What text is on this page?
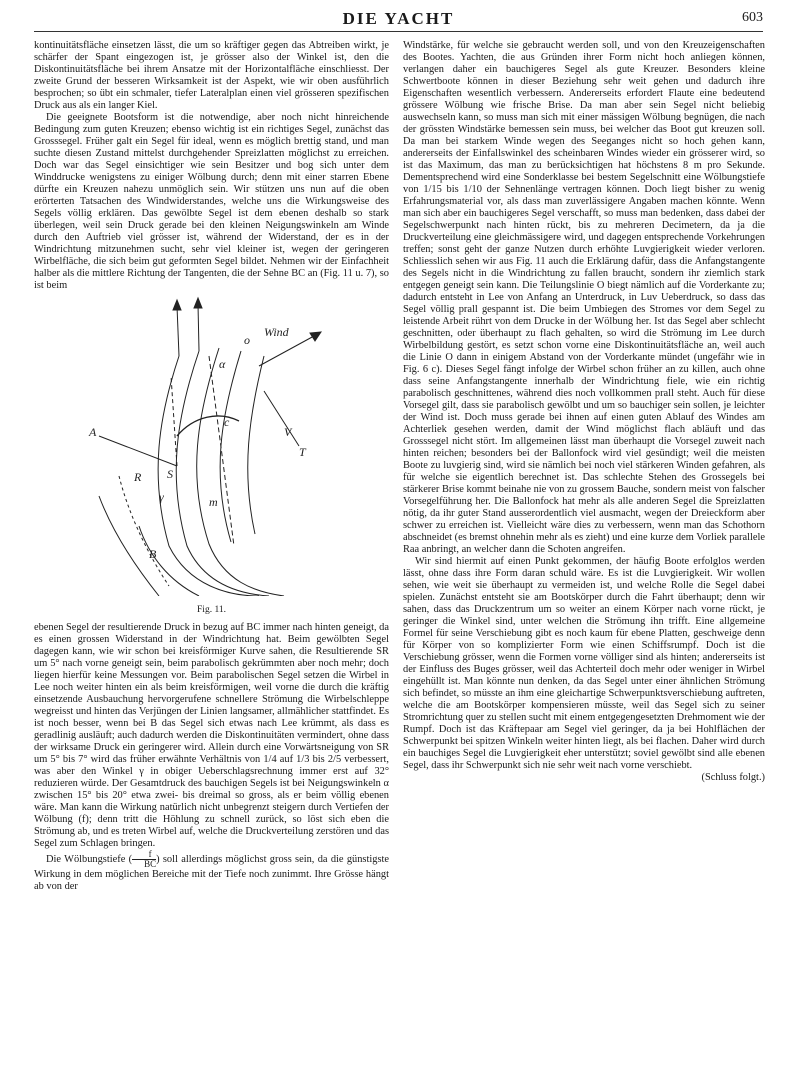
DIE YACHT	603

kontinuitätsfläche einsetzen lässt, die um so kräftiger gegen das Abtreiben wirkt, je schärfer der Spant eingezogen ist, je grösser also der Winkel ist, den die Diskontinuitätsfläche bei ihrem Ansatze mit der Horizontalfläche einschliesst. Der zweite Grund der besseren Wirksamkeit ist der Aspekt, wie wir oben ausführlich besprochen; so übt ein schmaler, tiefer Lateralplan einen viel grösseren spezifischen Druck aus als ein langer Kiel.

Die geeignete Bootsform ist die notwendige, aber noch nicht hinreichende Bedingung zum guten Kreuzen; ebenso wichtig ist ein richtiges Segel, zunächst das Grosssegel. Früher galt ein Segel für ideal, wenn es möglich brettig stand, und man suchte diesen Zustand mittelst durchgehender Spreizlatten möglichst zu erreichen. Doch war das Segel einsichtiger wie sein Besitzer und bog sich unter dem Winddrucke wenigstens zu einiger Wölbung durch; denn mit einer starren Ebene dürfte ein Kreuzen nahezu unmöglich sein. Wir stützen uns nun auf die oben erörterten Tatsachen des Windwiderstandes, welche uns die Wirkungsweise des Segels völlig erklären. Das gewölbte Segel ist dem ebenen deshalb so stark überlegen, weil sein Druck gerade bei den kleinen Neigungswinkeln am Winde durch den Auftrieb viel grösser ist, während der Widerstand, der es in der Windrichtung mitzunehmen sucht, sehr viel kleiner ist, wegen der geringeren Wirbelfläche, die sich beim gut geformten Segel bildet. Nehmen wir der Einfachheit halber als die mittlere Richtung der Tangenten, die der Sehne BC an (Fig. 11 u. 7), so ist beim

A
α
o
Wind
c
V
T
S
R
γ	m
B
Fig. 11.

ebenen Segel der resultierende Druck in bezug auf BC immer nach hinten geneigt, da es einen grossen Widerstand in der Windrichtung hat. Beim gewölbten Segel dagegen kann, wie wir schon bei kreisförmiger Kurve sahen, die Resultierende SR um 5° nach vorne geneigt sein, beim parabolisch gekrümmten aber noch mehr; doch liegen hierfür keine Messungen vor. Beim parabolischen Segel setzen die Wirbel in Lee noch weiter hinten ein als beim kreisförmigen, weil vorne die durch die kräftig einsetzende Ausbauchung hervorgerufene schnellere Strömung die Wirbelschleppe wegreisst und hinten das Verjüngen der Linien langsamer, allmählicher stattfindet. Es ist noch besser, wenn bei B das Segel sich etwas nach Lee krümmt, als dass es geradlinig ausläuft; auch dadurch werden die Diskontinuitäten vermindert, ohne dass der wirksame Druck ein geringerer wird. Allein durch eine Vorwärtsneigung von SR um 5° bis 7° wird das früher erwähnte Verhältnis von 1/4 auf 1/3 bis 2/5 verbessert, was aber den Winkel γ in obiger Ueberschlagsrechnung immer erst auf 32° reduzieren würde. Der Gesamtdruck des bauchigen Segels ist bei Neigungswinkeln α zwischen 15° bis 20° etwa zwei- bis dreimal so gross, als er beim völlig ebenen wäre. Man kann die Wirkung natürlich nicht unbegrenzt steigern durch Vertiefen der Wölbung (f); denn tritt die Höhlung zu schnell zurück, so löst sich eben die Strömung ab, und es treten Wirbel auf, welche die Druckverteilung zerstören und das Segel zum Schlagen bringen.

Die Wölbungstiefe ( $\frac{f}{BC}$ ) soll allerdings möglichst gross sein, da die günstigste Wirkung in dem möglichen Bereiche mit der Tiefe noch zunimmt. Ihre Grösse hängt ab von der

Windstärke, für welche sie gebraucht werden soll, und von den Kreuzeigenschaften des Bootes. Yachten, die aus Gründen ihrer Form nicht hoch anliegen können, verlangen daher ein bauchigeres Segel als gute Kreuzer. Besonders kleine Schwertboote können in dieser Beziehung sehr weit gehen und dadurch ihre Eigenschaften wesentlich verbessern. Andererseits erfordert Flaute eine bedeutend grössere Wölbung wie frische Brise. Da man aber sein Segel nicht beliebig auswechseln kann, so muss man sich mit einer mässigen Wölbung begnügen, die nach der grössten Windstärke bemessen sein muss, bei welcher das Boot gut kreuzen soll. Da man bei starkem Winde wegen des Seeganges nicht so hoch gehen kann, andererseits der Einfallswinkel des scheinbaren Windes wieder ein grösserer wird, so ist das Maximum, das man zu berücksichtigen hat höchstens 8 m pro Sekunde. Dementsprechend wird eine Sonderklasse bei bestem Segelschnitt eine Wölbungstiefe von 1/15 bis 1/10 der Sehnenlänge vertragen können. Doch liegt bisher zu wenig Erfahrungsmaterial vor, als dass man zuverlässigere Angaben machen könnte. Wenn man sich aber ein bauchigeres Segel verschafft, so muss man bedenken, dass dabei der Segelschwerpunkt nach hinten rückt, bis zu mehreren Decimetern, da ja die Druckverteilung eine gleichmässigere wird, und dagegen entsprechende Vorkehrungen treffen; sonst geht der ganze Nutzen durch erhöhte Luvgierigkeit wieder verloren. Schliesslich sehen wir aus Fig. 11 auch die Erklärung dafür, dass die Anfangstangente des Segels nicht in die Windrichtung zu fallen braucht, sondern ihr ziemlich stark entgegen geneigt sein kann. Die Teilungslinie O biegt nämlich auf die Vorderkante zu; dadurch entsteht in Lee von Anfang an Unterdruck, in Luv Ueberdruck, so dass das Segel völlig prall gespannt ist. Die beim Umbiegen des Stromes vor dem Segel zu leistende Arbeit rührt von dem Drucke in der Wölbung her. Ist das Segel aber schlecht geschnitten, oder überhaupt zu flach gehalten, so wird die Strömung im Lee durch Wirbelbildung gestört, es setzt schon vorne eine Diskontinuitätsfläche an, weil auch die Linie O dann in einigem Abstand von der Vorderkante mündet (ungefähr wie in Fig. 6 c). Dieses Segel fängt infolge der Wirbel schon früher an zu killen, auch ohne dass seine Anfangstangente innerhalb der Windrichtung fiele, wie ein richtig parabolisch geschnittenes, während dies noch vollkommen prall steht. Auch für diese Vorsegel gilt, dass sie parabolisch gewölbt und um so bauchiger sein sollen, je leichter der Wind ist. Doch muss gerade bei ihnen auf einen guten Ablauf des Windes am Achterliek gesehen werden, damit der Wind möglichst flach abläuft und das Grosssegel nicht stört. Im allgemeinen lässt man überhaupt die Vorsegel zuweit nach hinten reichen; besonders bei der Ballonfock wird viel gesündigt; weil die meisten Boote zu luvgierig sind, wird sie nämlich bei noch viel stärkeren Winden gefahren, als für welche sie eigentlich berechnet ist. Das schlechte Stehen des Grossegels bei stärkerer Brise kommt beinahe nie von zu grossem Bauche, sondern meist von falscher Vorsegelführung her. Die Ballonfock hat mehr als alle anderen Segel die Spreizlatten nötig, da ihr guter Stand ausserordentlich viel ausmacht, wegen der Dreieckform aber schwer zu erreichen ist. Vielleicht wäre dies zu verbessern, wenn man das Schothorn abschneidet (es bremst ohnehin mehr als es zieht) und eine kurze dem Vorliek parallele Raa anbringt, an welcher dann die Schoten angreifen.

Wir sind hiermit auf einen Punkt gekommen, der häufig Boote erfolglos werden lässt, ohne dass ihre Form daran schuld wäre. Es ist die Luvgierigkeit. Wir wollen sehen, wie weit sie überhaupt zu vermeiden ist, und welche Rolle die Segel dabei spielen. Zunächst entsteht sie am Bootskörper durch die Fahrt überhaupt; denn wir sahen, dass das Druckzentrum um so weiter an einem Körper nach vorne rückt, je geringer die Winkel sind, unter welchen die Strömung ihn trifft. Eine allgemeine Formel für seine Verschiebung gibt es noch kaum für ebene Platten, geschweige denn für Körper von so komplizierter Form wie einen Schiffsrumpf. Doch ist die Verschiebung grösser, wenn die Formen vorne völliger sind als hinten; andererseits ist der Einfluss des Buges grösser, weil das Achterteil doch mehr oder weniger in Wirbel eingehüllt ist. Man könnte nun denken, da das Segel unter einer ähnlichen Strömung sich befindet, so müsste an ihm eine gleichartige Schwerpunktsverschiebung auftreten, welche die am Bootskörper kompensieren müsste, weil das Segel sich zu seiner Stromrichtung quer zu stellen sucht mit einem entgegengesetzten Drehmoment wie der Rumpf. Doch ist das Kräftepaar am Segel viel geringer, da ja bei Hohlflächen der Schwerpunkt bei spitzen Winkeln weiter hinten liegt, als bei flachen. Daher wird durch ein bauchiges Segel die Luvgierigkeit eher unterstützt; soviel gewölbt sind alle ebenen Segel, dass ihr Schwerpunkt sich nie sehr weit nach vorne verschiebt.

(Schluss folgt.)
